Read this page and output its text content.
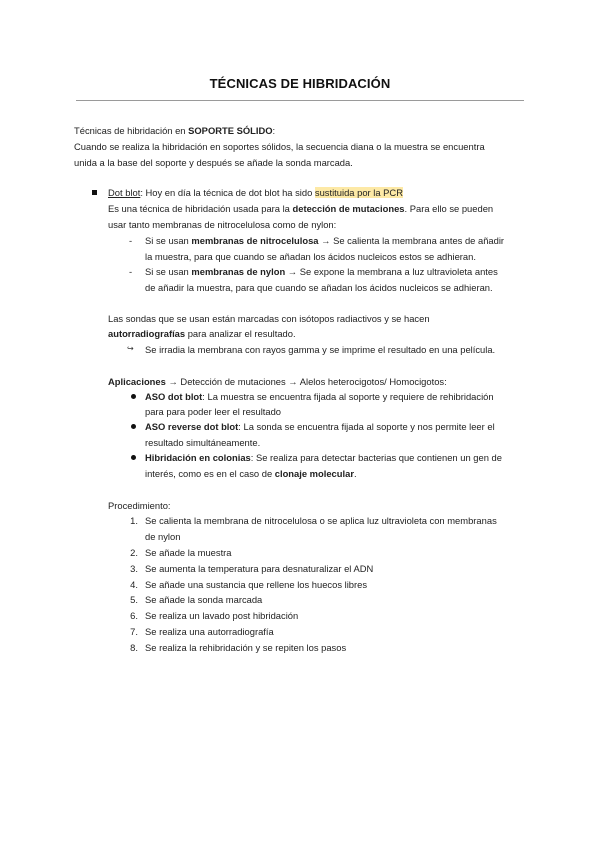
TÉCNICAS DE HIBRIDACIÓN
Técnicas de hibridación en SOPORTE SÓLIDO:
Cuando se realiza la hibridación en soportes sólidos, la secuencia diana o la muestra se encuentra
unida a la base del soporte y después se añade la sonda marcada.
Dot blot: Hoy en día la técnica de dot blot ha sido sustituida por la PCR
Es una técnica de hibridación usada para la detección de mutaciones. Para ello se pueden
usar tanto membranas de nitrocelulosa como de nylon:
- Si se usan membranas de nitrocelulosa → Se calienta la membrana antes de añadir
la muestra, para que cuando se añadan los ácidos nucleicos estos se adhieran.
- Si se usan membranas de nylon → Se expone la membrana a luz ultravioleta antes
de añadir la muestra, para que cuando se añadan los ácidos nucleicos se adhieran.
Las sondas que se usan están marcadas con isótopos radiactivos y se hacen
autorradiografías para analizar el resultado.
↪ Se irradia la membrana con rayos gamma y se imprime el resultado en una película.
Aplicaciones → Detección de mutaciones → Alelos heterocigotos/ Homocigotos:
ASO dot blot: La muestra se encuentra fijada al soporte y requiere de rehibridación
para para poder leer el resultado
ASO reverse dot blot: La sonda se encuentra fijada al soporte y nos permite leer el
resultado simultáneamente.
Hibridación en colonias: Se realiza para detectar bacterias que contienen un gen de
interés, como es en el caso de clonaje molecular.
Procedimiento:
1. Se calienta la membrana de nitrocelulosa o se aplica luz ultravioleta con membranas
de nylon
2. Se añade la muestra
3. Se aumenta la temperatura para desnaturalizar el ADN
4. Se añade una sustancia que rellene los huecos libres
5. Se añade la sonda marcada
6. Se realiza un lavado post hibridación
7. Se realiza una autorradiografía
8. Se realiza la rehibridación y se repiten los pasos
